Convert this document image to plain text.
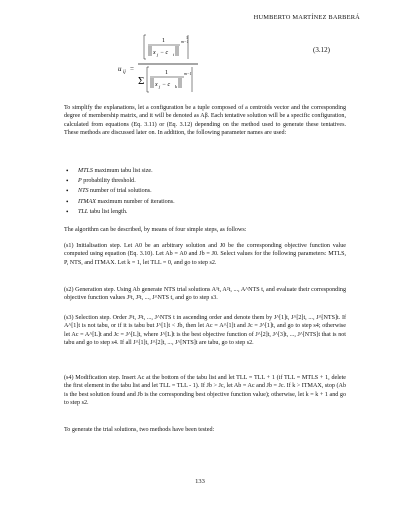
HUMBERTO MARTÍNEZ BARBERÁ
u ij =
1
x j − c i
m−1
1
Σ
1
x j − c k
m−1
(3.12)

To simplify the explanations, let a configuration be a tuple composed of a centroids vector and the corresponding degree of membership matrix, and it will be denoted as Aβ. Each tentative solution will be a specific configuration, calculated from equations (Eq. 3.11) or (Eq. 3.12) depending on the method used to generate these tentatives. These methods are discussed later on. In addition, the following parameter names are used:

• MTLS maximum tabu list size.
• P probability threshold.
• NTS number of trial solutions.
• ITMAX maximum number of iterations.
• TLL tabu list length.

The algorithm can be described, by means of four simple steps, as follows:

(s1) Initialisation step. Let A0 be an arbitrary solution and J0 be the corresponding objective function value computed using equation (Eq. 3.10). Let Ab = A0 and Jb = J0. Select values for the following parameters: MTLS, P, NTS, and ITMAX. Let k = 1, let TLL = 0, and go to step s2.

(s2) Generation step. Using Ab generate NTS trial solutions A¹t, A²t, ..., A^NTS t, and evaluate their corresponding objective function values J¹t, J²t, ..., J^NTS t, and go to step s3.

(s3) Selection step. Order J¹t, J²t, ..., J^NTS t in ascending order and denote them by J^[1]t, J^[2]t, ..., J^[NTS]t. If A^[1]t is not tabu, or if it is tabu but J^[1]t < Jb, then let Ac = A^[1]t and Jc = J^[1]t, and go to step s4; otherwise let Ac = A^[L]t and Jc = J^[L]t, where J^[L]t is the best objective function of J^[2]t, J^[3]t, ..., J^[NTS]t that is not tabu and go to step s4. If all J^[1]t, J^[2]t, ..., J^[NTS]t are tabu, go to step s2.

(s4) Modification step. Insert Ac at the bottom of the tabu list and let TLL = TLL + 1 (if TLL = MTLS + 1, delete the first element in the tabu list and let TLL = TLL - 1). If Jb > Jc, let Ab = Ac and Jb = Jc. If k > ITMAX, stop (Ab is the best solution found and Jb is the corresponding best objective function value); otherwise, let k = k + 1 and go to step s2.

To generate the trial solutions, two methods have been tested:

133
